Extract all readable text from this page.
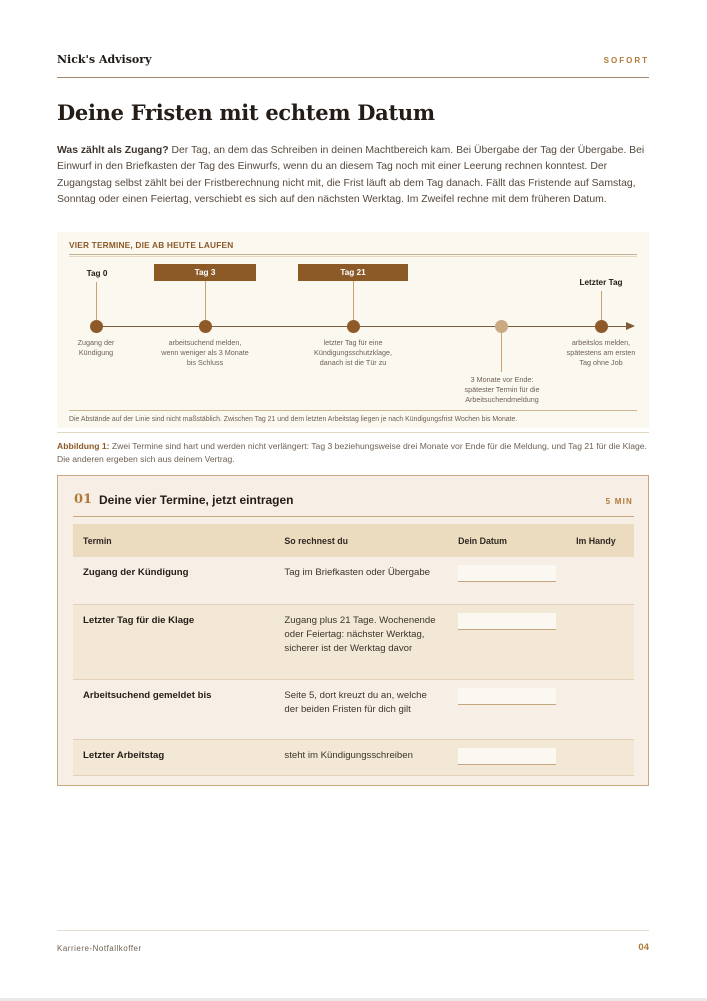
Nick's Advisory	SOFORT
Deine Fristen mit echtem Datum

Was zählt als Zugang? Der Tag, an dem das Schreiben in deinen Machtbereich kam. Bei Übergabe der Tag der Übergabe. Bei Einwurf in den Briefkasten der Tag des Einwurfs, wenn du an diesem Tag noch mit einer Leerung rechnen konntest. Der Zugangstag selbst zählt bei der Fristberechnung nicht mit, die Frist läuft ab dem Tag danach. Fällt das Fristende auf Samstag, Sonntag oder einen Feiertag, verschiebt es sich auf den nächsten Werktag. Im Zweifel rechne mit dem früheren Datum.

VIER TERMINE, DIE AB HEUTE LAUFEN
Tag 0	Tag 3	Tag 21
Letzter Tag
Zugang der Kündigung
arbeitsuchend melden, wenn weniger als 3 Monate bis Schluss
letzter Tag für eine Kündigungsschutzklage, danach ist die Tür zu
3 Monate vor Ende: spätester Termin für die Arbeitsuchendmeldung
arbeitslos melden, spätestens am ersten Tag ohne Job
Die Abstände auf der Linie sind nicht maßstäblich. Zwischen Tag 21 und dem letzten Arbeitstag liegen je nach Kündigungsfrist Wochen bis Monate.

Abbildung 1: Zwei Termine sind hart und werden nicht verlängert: Tag 3 beziehungsweise drei Monate vor Ende für die Meldung, und Tag 21 für die Klage. Die anderen ergeben sich aus deinem Vertrag.

01 Deine vier Termine, jetzt eintragen	5 MIN
Termin	So rechnest du	Dein Datum	Im Handy
Zugang der Kündigung	Tag im Briefkasten oder Übergabe	

Letzter Tag für die Klage	Zugang plus 21 Tage. Wochenende oder Feiertag: nächster Werktag, sicherer ist der Werktag davor	

Arbeitsuchend gemeldet bis	Seite 5, dort kreuzt du an, welche der beiden Fristen für dich gilt	

Letzter Arbeitstag	steht im Kündigungsschreiben	

Karriere-Notfallkoffer	04
